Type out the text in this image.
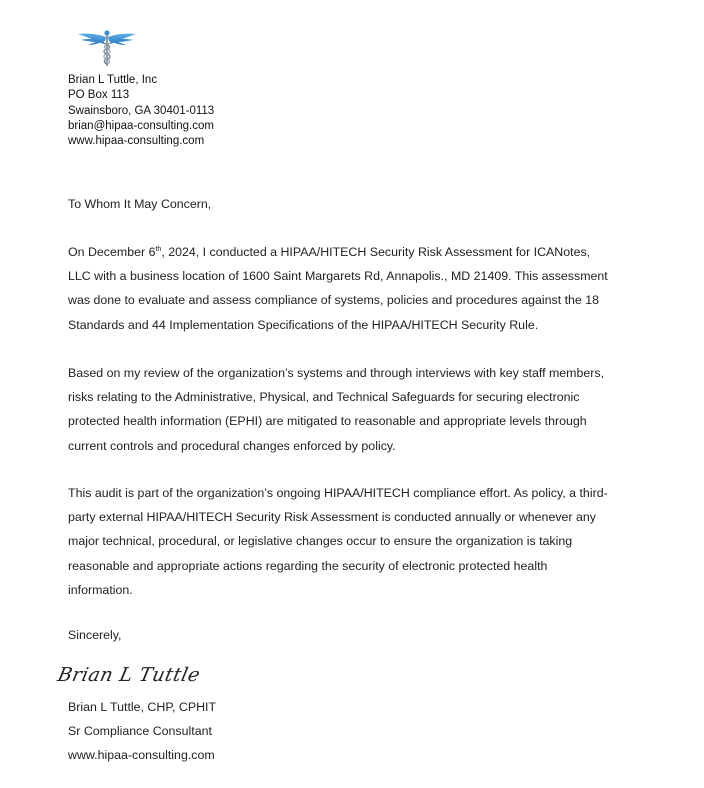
Brian L Tuttle, Inc
PO Box 113
Swainsboro, GA 30401-0113
brian@hipaa-consulting.com
www.hipaa-consulting.com
To Whom It May Concern,
On December 6th, 2024, I conducted a HIPAA/HITECH Security Risk Assessment for ICANotes,
LLC with a business location of 1600 Saint Margarets Rd, Annapolis., MD 21409. This assessment
was done to evaluate and assess compliance of systems, policies and procedures against the 18
Standards and 44 Implementation Specifications of the HIPAA/HITECH Security Rule.
Based on my review of the organization’s systems and through interviews with key staff members,
risks relating to the Administrative, Physical, and Technical Safeguards for securing electronic
protected health information (EPHI) are mitigated to reasonable and appropriate levels through
current controls and procedural changes enforced by policy.
This audit is part of the organization’s ongoing HIPAA/HITECH compliance effort. As policy, a third-
party external HIPAA/HITECH Security Risk Assessment is conducted annually or whenever any
major technical, procedural, or legislative changes occur to ensure the organization is taking
reasonable and appropriate actions regarding the security of electronic protected health
information.
Sincerely,
Brian L Tuttle
Brian L Tuttle, CHP, CPHIT
Sr Compliance Consultant
www.hipaa-consulting.com
